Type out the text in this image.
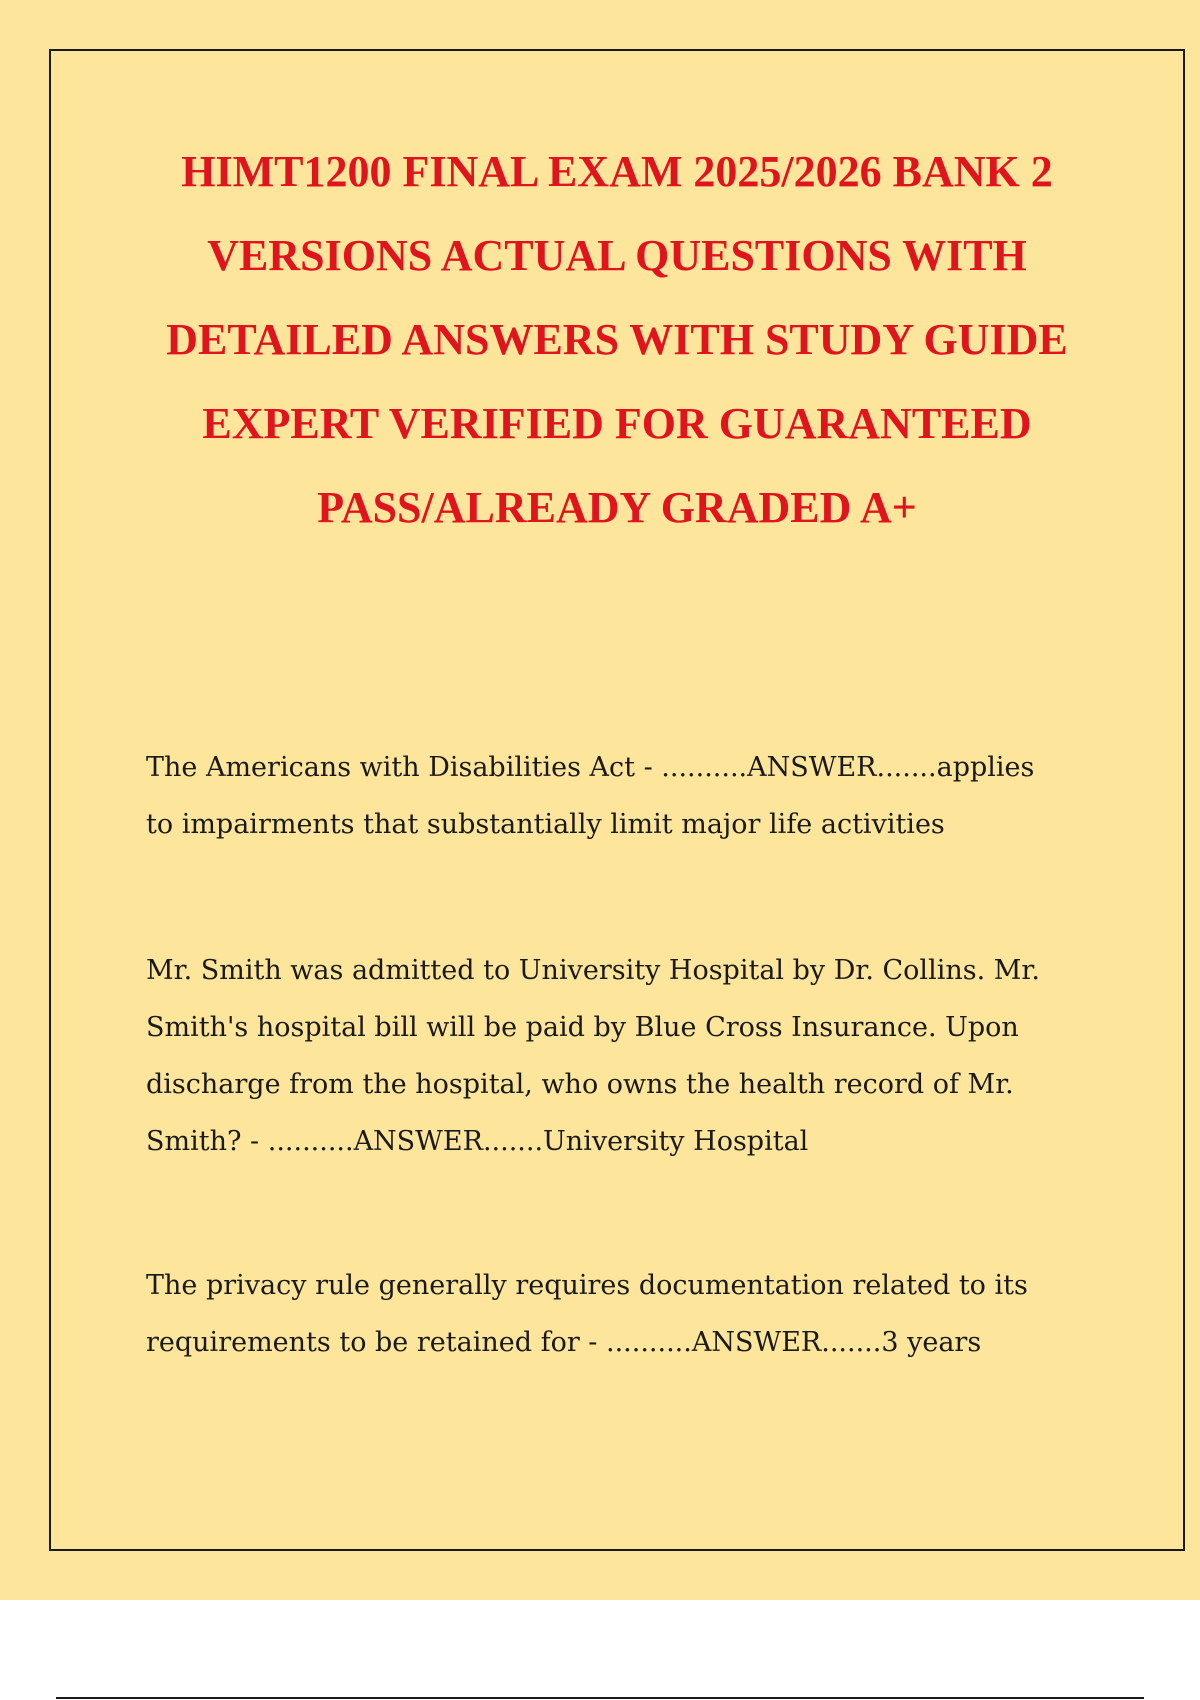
HIMT1200 FINAL EXAM 2025/2026 BANK 2 VERSIONS ACTUAL QUESTIONS WITH DETAILED ANSWERS WITH STUDY GUIDE EXPERT VERIFIED FOR GUARANTEED PASS/ALREADY GRADED A+

The Americans with Disabilities Act - ..........ANSWER.......applies to impairments that substantially limit major life activities

Mr. Smith was admitted to University Hospital by Dr. Collins. Mr. Smith's hospital bill will be paid by Blue Cross Insurance. Upon discharge from the hospital, who owns the health record of Mr. Smith? - ..........ANSWER.......University Hospital

The privacy rule generally requires documentation related to its requirements to be retained for - ..........ANSWER.......3 years
